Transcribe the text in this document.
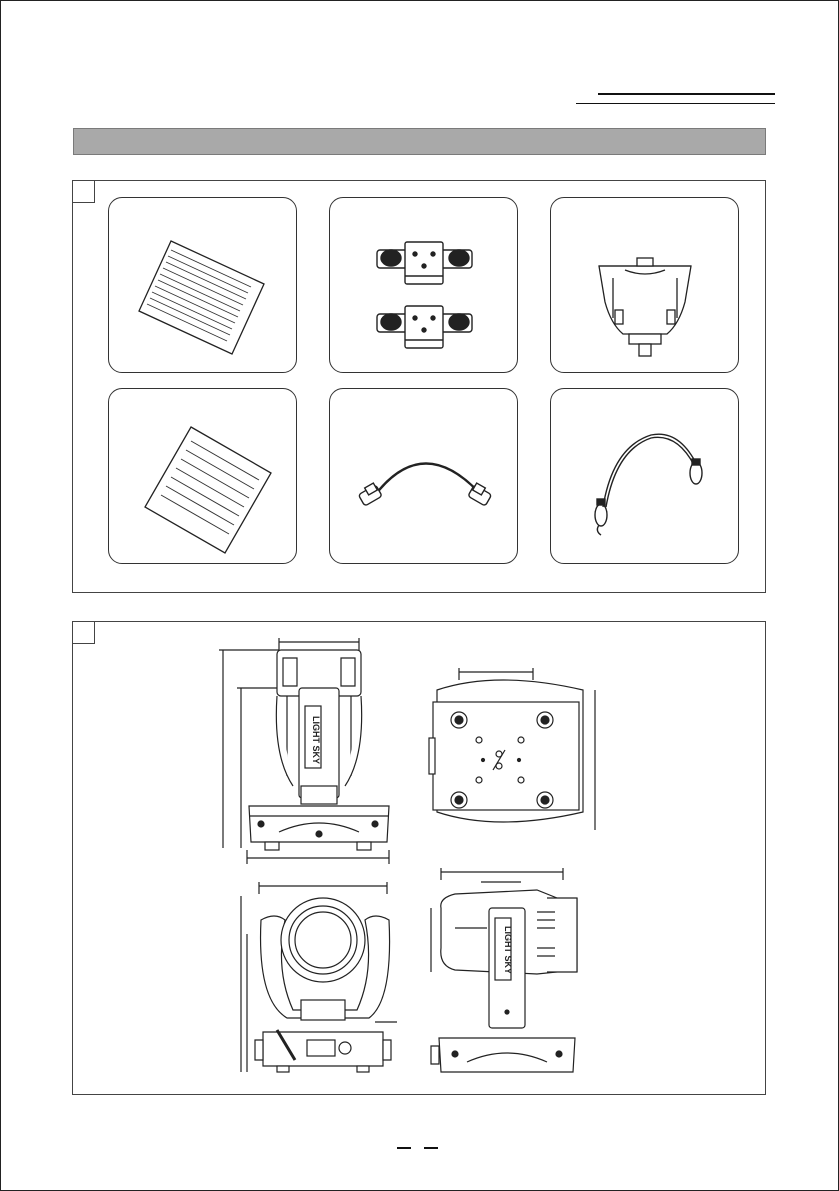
LIGHT SKY
LIGHT SKY
